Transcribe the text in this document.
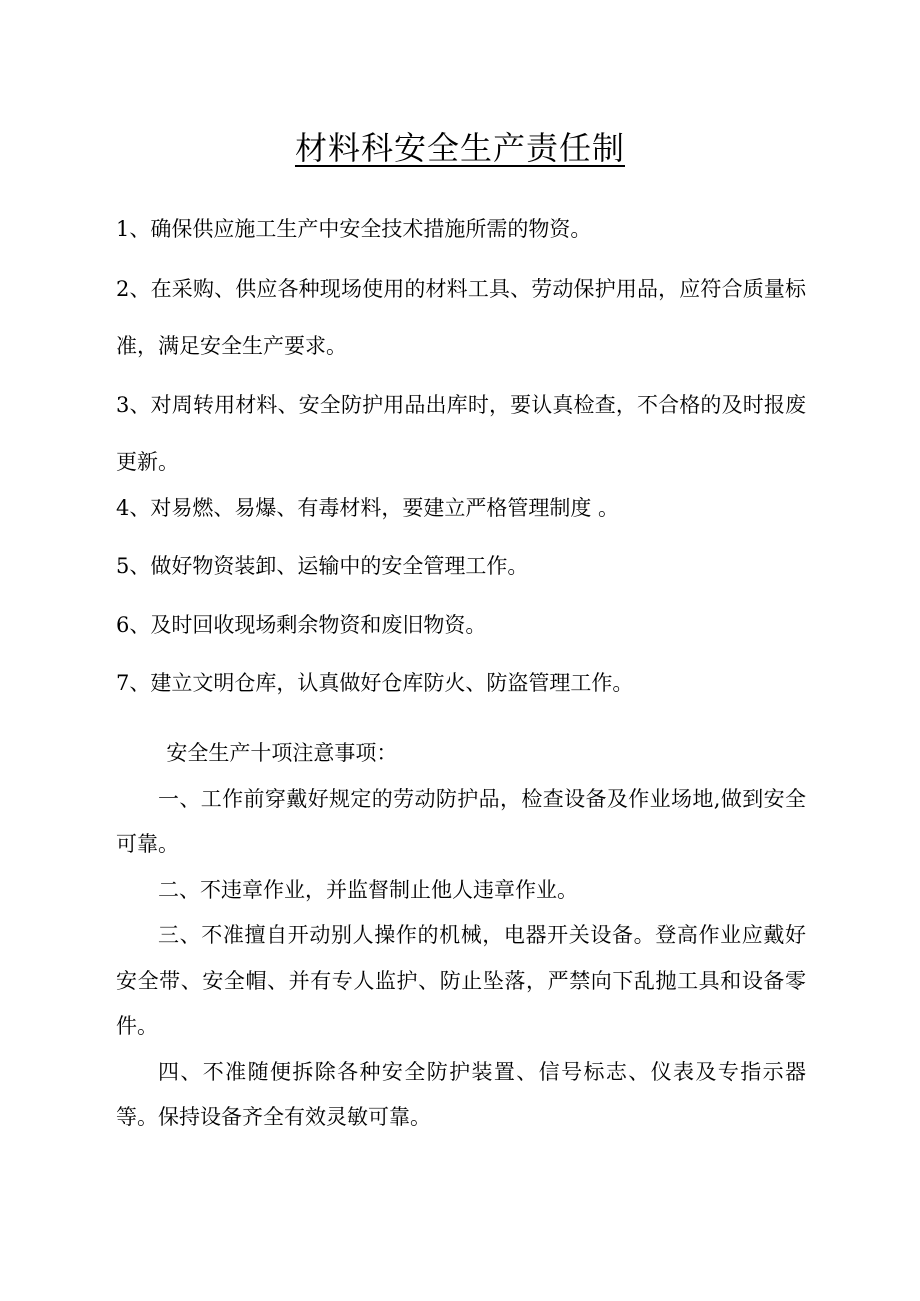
材料科安全生产责任制

1、确保供应施工生产中安全技术措施所需的物资。

2、在采购、供应各种现场使用的材料工具、劳动保护用品，应符合质量标准，满足安全生产要求。

3、对周转用材料、安全防护用品出库时，要认真检查，不合格的及时报废更新。

4、对易燃、易爆、有毒材料，要建立严格管理制度 。

5、做好物资装卸、运输中的安全管理工作。

6、及时回收现场剩余物资和废旧物资。

7、建立文明仓库，认真做好仓库防火、防盗管理工作。

安全生产十项注意事项：

一、工作前穿戴好规定的劳动防护品，检查设备及作业场地,做到安全可靠。

二、不违章作业，并监督制止他人违章作业。

三、不准擅自开动别人操作的机械，电器开关设备。登高作业应戴好安全带、安全帽、并有专人监护、防止坠落，严禁向下乱抛工具和设备零件。

四、不准随便拆除各种安全防护装置、信号标志、仪表及专指示器等。保持设备齐全有效灵敏可靠。
